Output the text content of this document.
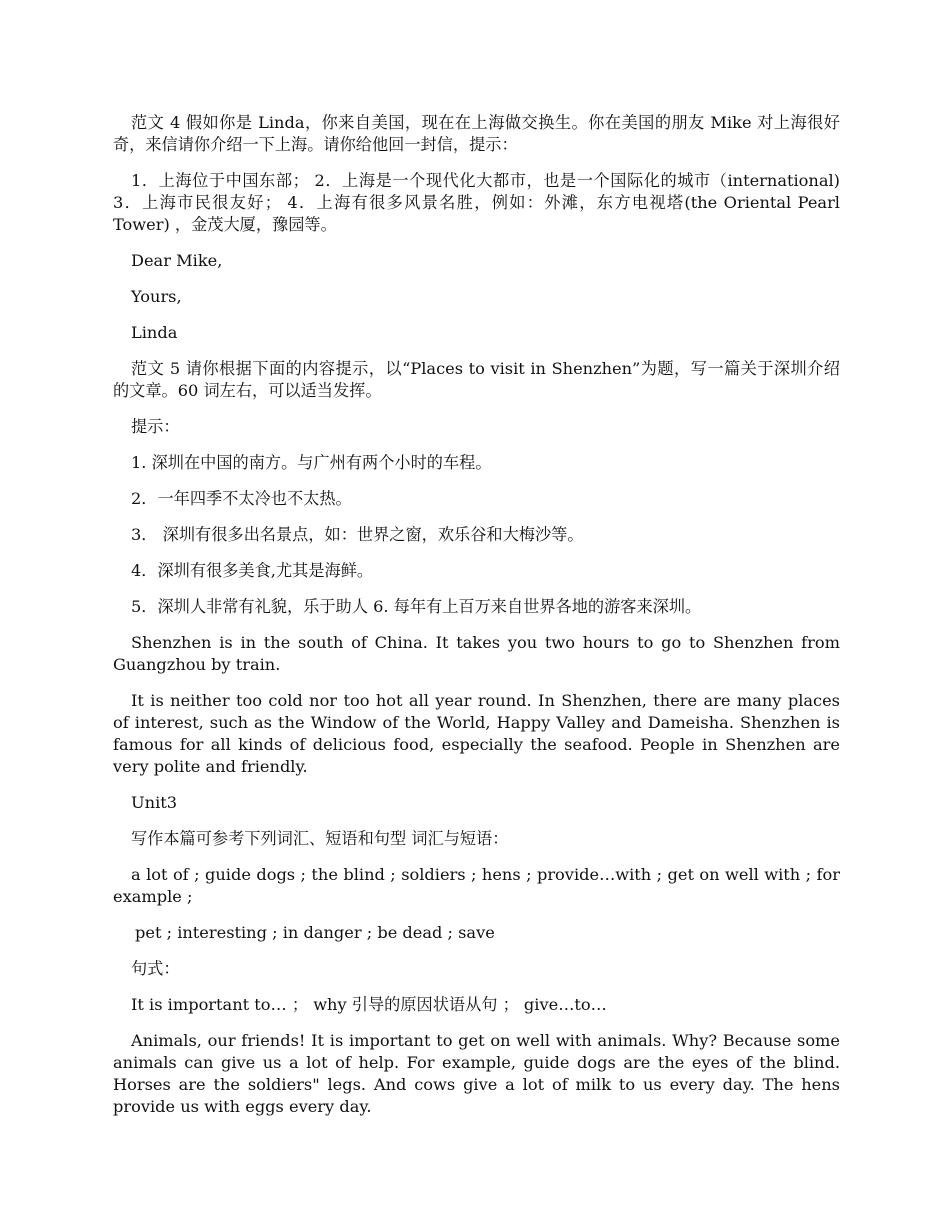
范文 4 假如你是 Linda，你来自美国，现在在上海做交换生。你在美国的朋友 Mike 对上海很好奇，来信请你介绍一下上海。请你给他回一封信，提示：

1．上海位于中国东部； 2．上海是一个现代化大都市，也是一个国际化的城市（international) 3．上海市民很友好； 4．上海有很多风景名胜，例如：外滩，东方电视塔(the Oriental Pearl Tower) ，金茂大厦，豫园等。

Dear Mike,

Yours,

Linda

范文 5 请你根据下面的内容提示，以“Places to visit in Shenzhen”为题，写一篇关于深圳介绍的文章。60 词左右，可以适当发挥。

提示：

1. 深圳在中国的南方。与广州有两个小时的车程。

2．一年四季不太冷也不太热。

3． 深圳有很多出名景点，如：世界之窗，欢乐谷和大梅沙等。

4．深圳有很多美食,尤其是海鲜。

5．深圳人非常有礼貌，乐于助人 6. 每年有上百万来自世界各地的游客来深圳。

Shenzhen is in the south of China. It takes you two hours to go to Shenzhen from Guangzhou by train.

It is neither too cold nor too hot all year round. In Shenzhen, there are many places of interest, such as the Window of the World, Happy Valley and Dameisha. Shenzhen is famous for all kinds of delicious food, especially the seafood. People in Shenzhen are very polite and friendly.

Unit3

写作本篇可参考下列词汇、短语和句型 词汇与短语：

a lot of ; guide dogs ; the blind ; soldiers ; hens ; provide…with ; get on well with ; for example ;

pet ; interesting ; in danger ; be dead ; save

句式：

It is important to… ； why 引导的原因状语从句 ； give…to…

Animals, our friends! It is important to get on well with animals. Why? Because some animals can give us a lot of help. For example, guide dogs are the eyes of the blind. Horses are the soldiers" legs. And cows give a lot of milk to us every day. The hens provide us with eggs every day.
